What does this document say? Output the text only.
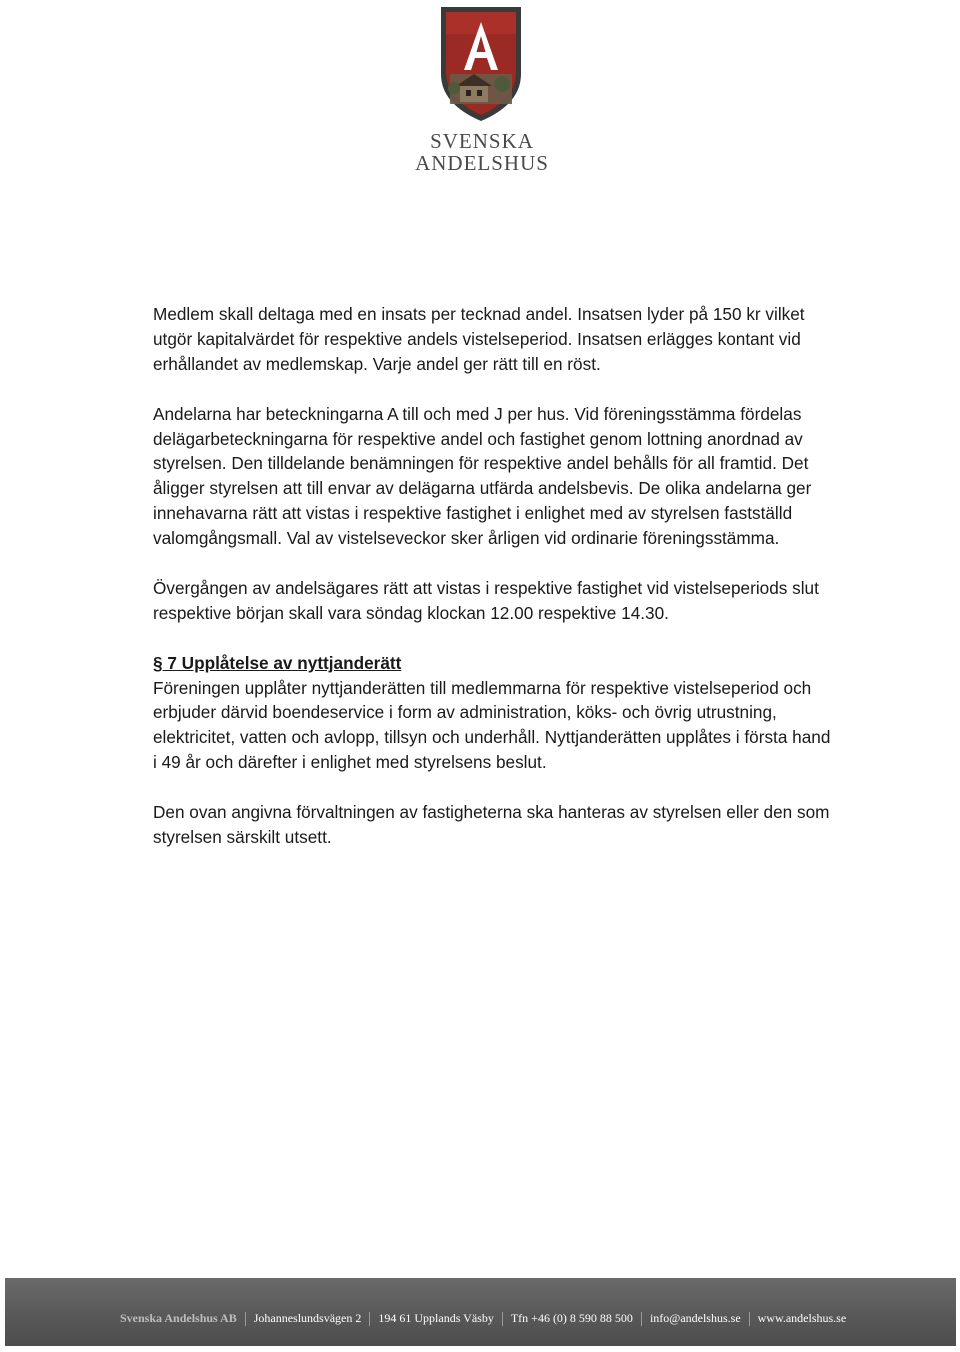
SVENSKA
ANDELSHUS

Medlem skall deltaga med en insats per tecknad andel. Insatsen lyder på 150 kr vilket utgör kapitalvärdet för respektive andels vistelseperiod. Insatsen erlägges kontant vid erhållandet av medlemskap. Varje andel ger rätt till en röst.

Andelarna har beteckningarna A till och med J per hus. Vid föreningsstämma fördelas delägarbeteckningarna för respektive andel och fastighet genom lottning anordnad av styrelsen. Den tilldelande benämningen för respektive andel behålls för all framtid. Det åligger styrelsen att till envar av delägarna utfärda andelsbevis. De olika andelarna ger innehavarna rätt att vistas i respektive fastighet i enlighet med av styrelsen fastställd valomgångsmall. Val av vistelseveckor sker årligen vid ordinarie föreningsstämma.

Övergången av andelsägares rätt att vistas i respektive fastighet vid vistelseperiods slut respektive början skall vara söndag klockan 12.00 respektive 14.30.

§ 7 Upplåtelse av nyttjanderätt
Föreningen upplåter nyttjanderätten till medlemmarna för respektive vistelseperiod och erbjuder därvid boendeservice i form av administration, köks- och övrig utrustning, elektricitet, vatten och avlopp, tillsyn och underhåll. Nyttjanderätten upplåtes i första hand i 49 år och därefter i enlighet med styrelsens beslut.

Den ovan angivna förvaltningen av fastigheterna ska hanteras av styrelsen eller den som styrelsen särskilt utsett.

Svenska Andelshus AB Johanneslundsvägen 2 194 61 Upplands Väsby Tfn +46 (0) 8 590 88 500 info@andelshus.se www.andelshus.se
